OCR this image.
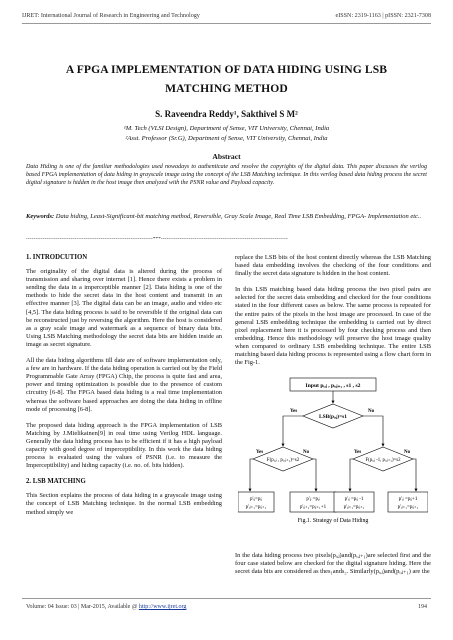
IJRET: International Journal of Research in Engineering and Technology	eISSN: 2319-1163 | pISSN: 2321-7308
A FPGA IMPLEMENTATION OF DATA HIDING USING LSB
MATCHING METHOD
S. Raveendra Reddy¹, Sakthivel S M²
¹M. Tech (VLSI Design), Department of Sense, VIT University, Chennai, India
²Asst. Professor (Sr.G), Department of Sense, VIT University, Chennai, India
Abstract
Data Hiding is one of the familiar methodologies used nowadays to authenticate and resolve the copyrights of the digital data. This paper discusses the verilog based FPGA implementation of data hiding in grayscale image using the concept of the LSB Matching technique. In this verilog based data hiding process the secret digital signature is hidden in the host image then analyzed with the PSNR value and Payload capacity.
Keywords: Data hiding, Least-Significant-bit matching method, Reversible, Gray Scale Image, Real Time LSB Embedding, FPGA- Implementation etc..
--------------------------------------------------------------------***--------------------------------------------------------------------
1. INTRODCUTION

The originality of the digital data is altered during the process of transmission and sharing over internet [1]. Hence there exists a problem in sending the data in a imperceptible manner [2]. Data hiding is one of the methods to hide the secret data in the host content and transmit in an effective manner [3]. The digital data can be an image, audio and video etc [4,5]. The data hiding process is said to be reversible if the original data can be reconstructed just by reversing the algorithm. Here the host is considered as a gray scale image and watermark as a sequence of binary data bits. Using LSB Matching methodology the secret data bits are hidden inside an image as secret signature.

All the data hiding algorithms till date are of software implementation only, a few are in hardware. If the data hiding operation is carried out by the Field Programmable Gate Array (FPGA) Chip, the process is quite fast and area, power and timing optimization is possible due to the presence of custom circuitry [6-8]. The FPGA based data hiding is a real time implementation whereas the software based approaches are doing the data hiding in offline mode of processing [6-8].

The proposed data hiding approach is the FPGA implementation of LSB Matching by J.Mielikainen[9] in real time using Verilog HDL language. Generally the data hiding process has to be efficient if it has a high payload capacity with good degree of imperceptibility. In this work the data hiding process is evaluated using the values of PSNR (i.e. to measure the Imperceptibility) and hiding capacity (i.e. no. of. bits hidden).

2. LSB MATCHING

This Section explains the process of data hiding in a grayscale image using the concept of LSB Matching technique. In the normal LSB embedding method simply we

replace the LSB bits of the host content directly whereas the LSB Matching based data embedding involves the checking of the four conditions and finally the secret data signature is hidden in the host content.

In this LSB matching based data hiding process the two pixel pairs are selected for the secret data embedding and checked for the four conditions stated in the four different cases as below. The same process is repeated for the entire pairs of the pixels in the host image are processed. In case of the general LSB embedding technique the embedding is carried out by direct pixel replacement here it is processed by four checking process and then embedding. Hence this methodology will preserve the host image quality when compared to ordinary LSB embedding technique. The entire LSB matching based data hiding process is represented using a flow chart form in the Fig-1.

Input pᵢ,ⱼ , pᵢ,ⱼ₊₁ , s1 , s2
LSB(pᵢ,ⱼ)=s1
Yes	No
F(pᵢ,ⱼ , pᵢ,ⱼ₊₁)=s2	F(pᵢ,ⱼ -1, pᵢ,ⱼ₊₁)=s2
Yes	No	Yes	No
p'ᵢⱼ=pᵢⱼ
p'ᵢⱼ₊₁=pᵢⱼ₊₁
p'ᵢⱼ =pᵢⱼ
p'ᵢⱼ₊₁=pᵢⱼ₊₁+1
p'ᵢⱼ =pᵢⱼ -1
p'ᵢⱼ₊₁=pᵢⱼ₊₁
p'ᵢⱼ =pᵢⱼ+1
p'ᵢⱼ₊₁=pᵢⱼ₊₁
Fig.1. Strategy of Data Hiding

In the data hiding process two pixels(pᵢ,ⱼ)and(pᵢ,ⱼ₊₁)are selected first and the four case stated below are checked for the digital signature hiding. Here the secret data bits are considered as thes₁ands₂. Similarly(pᵢ,ⱼ)and(pᵢ,ⱼ₊₁) are the

Volume: 04 Issue: 03 | Mar-2015, Available @ http://www.ijret.org	194
